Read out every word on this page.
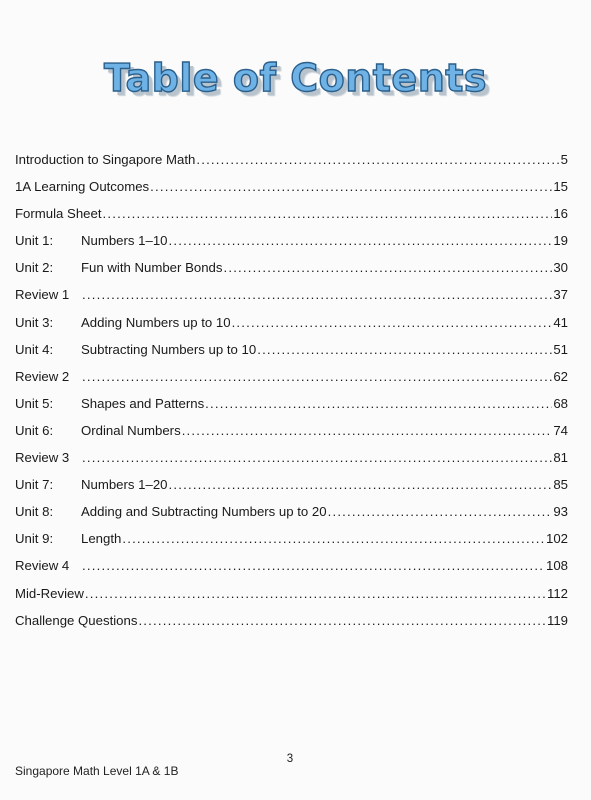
Table of Contents
Introduction to Singapore Math .....	5
1A Learning Outcomes .....	15
Formula Sheet .....	16
Unit 1:	Numbers 1–10 .....	19
Unit 2:	Fun with Number Bonds .....	30
Review 1 .....	37
Unit 3:	Adding Numbers up to 10 .....	41
Unit 4:	Subtracting Numbers up to 10 .....	51
Review 2 .....	62
Unit 5:	Shapes and Patterns .....	68
Unit 6:	Ordinal Numbers .....	74
Review 3 .....	81
Unit 7:	Numbers 1–20 .....	85
Unit 8:	Adding and Subtracting Numbers up to 20 .....	93
Unit 9:	Length .....	102
Review 4 .....	108
Mid-Review .....	112
Challenge Questions .....	119
3
Singapore Math Level 1A & 1B
